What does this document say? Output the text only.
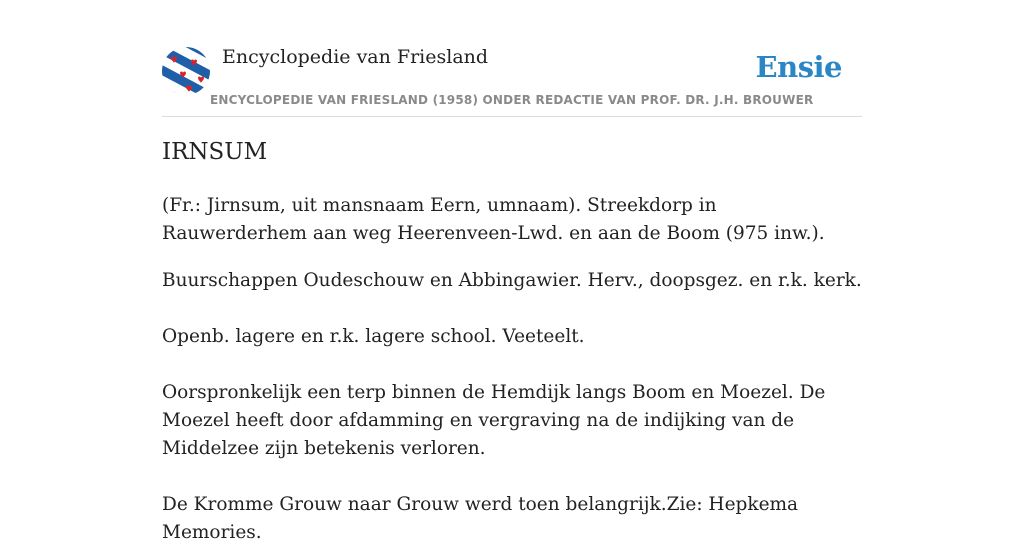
Encyclopedie van Friesland	Ensie
ENCYCLOPEDIE VAN FRIESLAND (1958) ONDER REDACTIE VAN PROF. DR. J.H. BROUWER
IRNSUM

(Fr.: Jirnsum, uit mansnaam Eern, umnaam). Streekdorp in Rauwerderhem aan weg Heerenveen-Lwd. en aan de Boom (975 inw.).

Buurschappen Oudeschouw en Abbingawier. Herv., doopsgez. en r.k. kerk.

Openb. lagere en r.k. lagere school. Veeteelt.

Oorspronkelijk een terp binnen de Hemdijk langs Boom en Moezel. De Moezel heeft door afdamming en vergraving na de indijking van de Middelzee zijn betekenis verloren.

De Kromme Grouw naar Grouw werd toen belangrijk.Zie: Hepkema Memories.
